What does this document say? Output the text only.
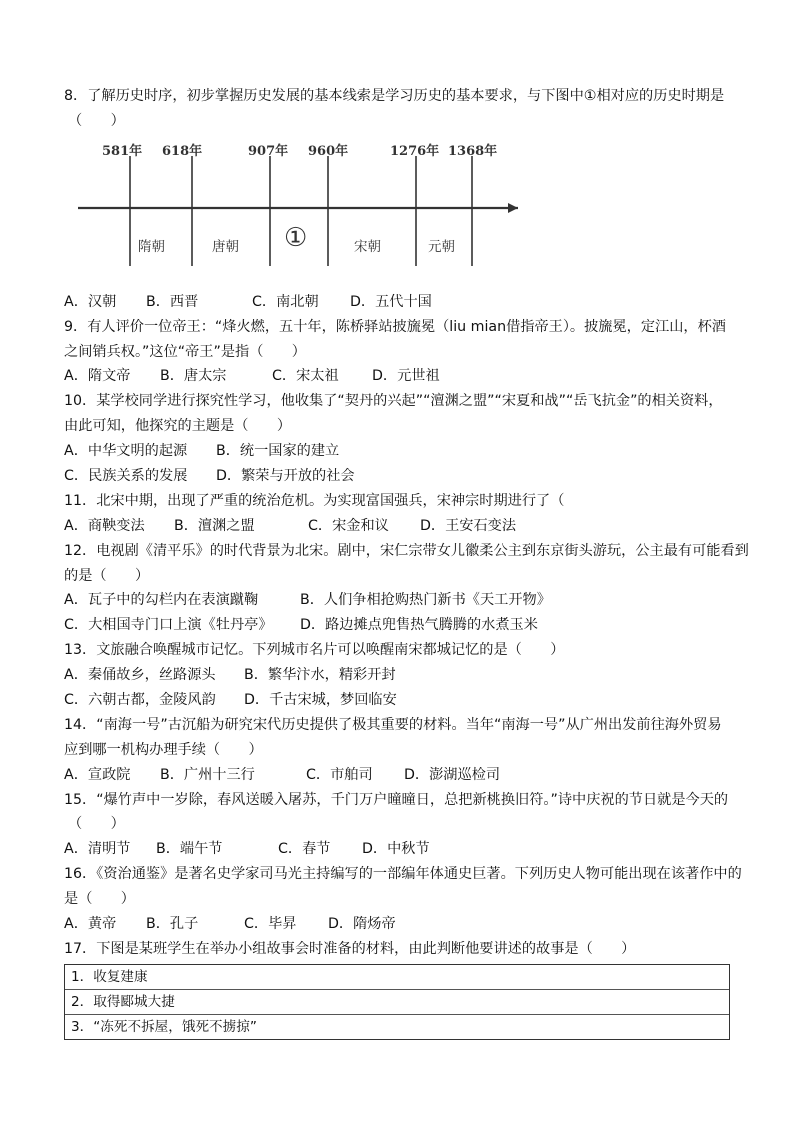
8．了解历史时序，初步掌握历史发展的基本线索是学习历史的基本要求，与下图中①相对应的历史时期是
（　　）
581年 618年	907年 960年	1276年 1368年
隋朝	唐朝 ①	宋朝	元朝
A．汉朝 B．西晋	C．南北朝 D．五代十国
9．有人评价一位帝王：“烽火燃，五十年，陈桥驿站披旒冕（liu mian借指帝王）。披旒冕，定江山，杯酒
之间销兵权。”这位“帝王”是指（　　）
A．隋文帝 B．唐太宗	C．宋太祖 D．元世祖
10．某学校同学进行探究性学习，他收集了“契丹的兴起”“澶渊之盟”“宋夏和战”“岳飞抗金”的相关资料，
由此可知，他探究的主题是（　　）
A．中华文明的起源 B．统一国家的建立
C．民族关系的发展 D．繁荣与开放的社会
11．北宋中期，出现了严重的统治危机。为实现富国强兵，宋神宗时期进行了（
A．商鞅变法 B．澶渊之盟	C．宋金和议 D．王安石变法
12．电视剧《清平乐》的时代背景为北宋。剧中，宋仁宗带女儿徽柔公主到东京街头游玩，公主最有可能看到
的是（　　）
A．瓦子中的勾栏内在表演蹴鞠	B．人们争相抢购热门新书《天工开物》
C．大相国寺门口上演《牡丹亭》 D．路边摊点兜售热气腾腾的水煮玉米
13．文旅融合唤醒城市记忆。下列城市名片可以唤醒南宋都城记忆的是（　　）
A．秦俑故乡，丝路源头 B．繁华汴水，精彩开封
C．六朝古都，金陵风韵 D．千古宋城，梦回临安
14．“南海一号”古沉船为研究宋代历史提供了极其重要的材料。当年“南海一号”从广州出发前往海外贸易
应到哪一机构办理手续（　　）
A．宣政院 B．广州十三行	C．市舶司 D．澎湖巡检司
15．“爆竹声中一岁除，春风送暖入屠苏，千门万户曈曈日，总把新桃换旧符。”诗中庆祝的节日就是今天的
（　　）
A．清明节 B．端午节	C．春节 D．中秋节
16．《资治通鉴》是著名史学家司马光主持编写的一部编年体通史巨著。下列历史人物可能出现在该著作中的
是（　　）
A．黄帝 B．孔子	C．毕昇 D．隋炀帝
17．下图是某班学生在举办小组故事会时准备的材料，由此判断他要讲述的故事是（　　）
1．收复建康
2．取得郾城大捷
3．“冻死不拆屋，饿死不掳掠”
